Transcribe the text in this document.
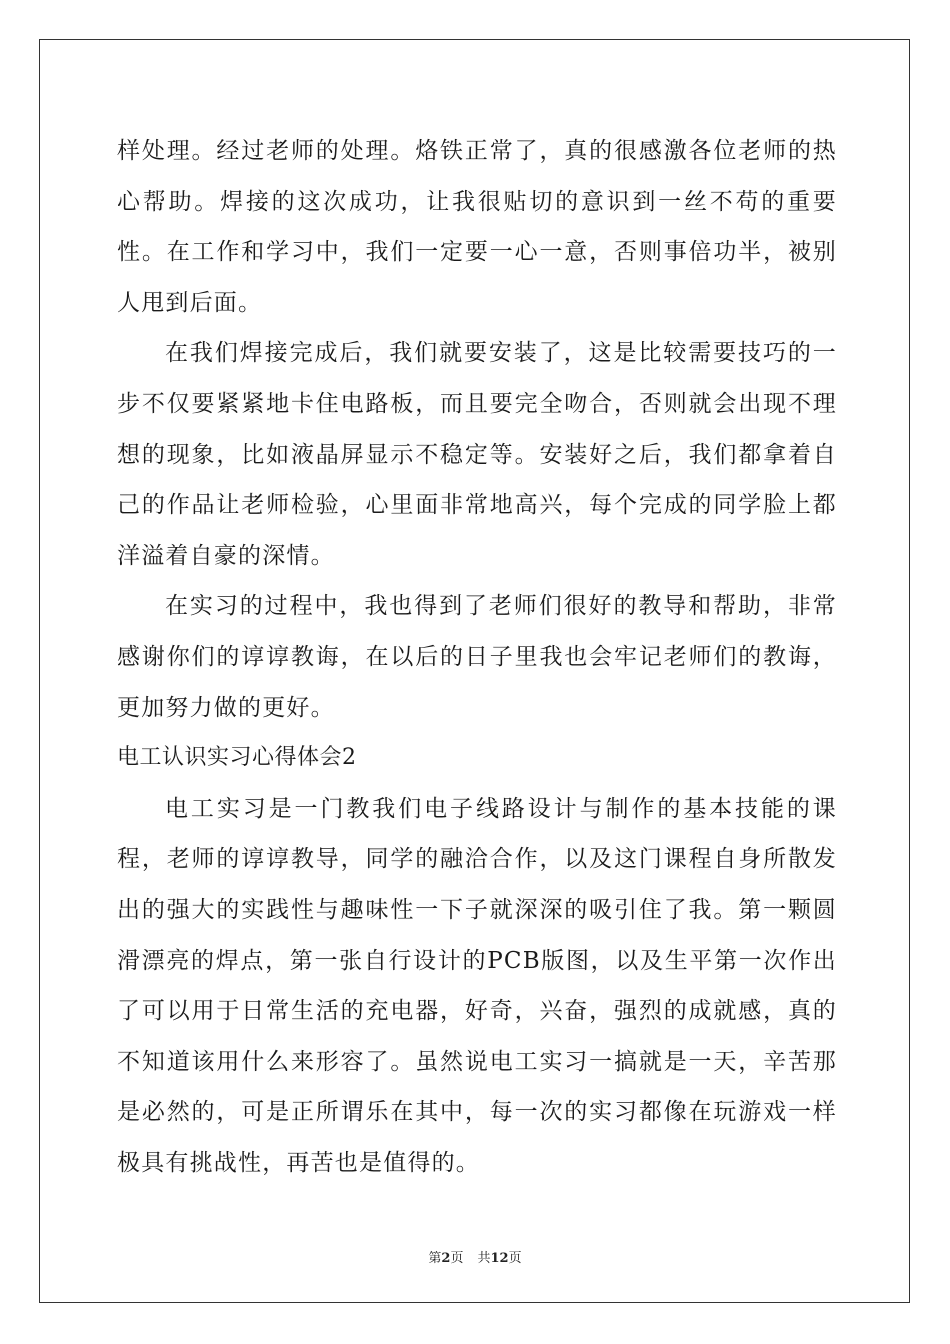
样处理。经过老师的处理。烙铁正常了，真的很感激各位老师的热心帮助。焊接的这次成功，让我很贴切的意识到一丝不苟的重要性。在工作和学习中，我们一定要一心一意，否则事倍功半，被别人甩到后面。

在我们焊接完成后，我们就要安装了，这是比较需要技巧的一步不仅要紧紧地卡住电路板，而且要完全吻合，否则就会出现不理想的现象，比如液晶屏显示不稳定等。安装好之后，我们都拿着自己的作品让老师检验，心里面非常地高兴，每个完成的同学脸上都洋溢着自豪的深情。

在实习的过程中，我也得到了老师们很好的教导和帮助，非常感谢你们的谆谆教诲，在以后的日子里我也会牢记老师们的教诲，更加努力做的更好。

电工认识实习心得体会2

电工实习是一门教我们电子线路设计与制作的基本技能的课程，老师的谆谆教导，同学的融洽合作，以及这门课程自身所散发出的强大的实践性与趣味性一下子就深深的吸引住了我。第一颗圆滑漂亮的焊点，第一张自行设计的PCB版图，以及生平第一次作出了可以用于日常生活的充电器，好奇，兴奋，强烈的成就感，真的不知道该用什么来形容了。虽然说电工实习一搞就是一天，辛苦那是必然的，可是正所谓乐在其中，每一次的实习都像在玩游戏一样极具有挑战性，再苦也是值得的。

第2页 共12页
